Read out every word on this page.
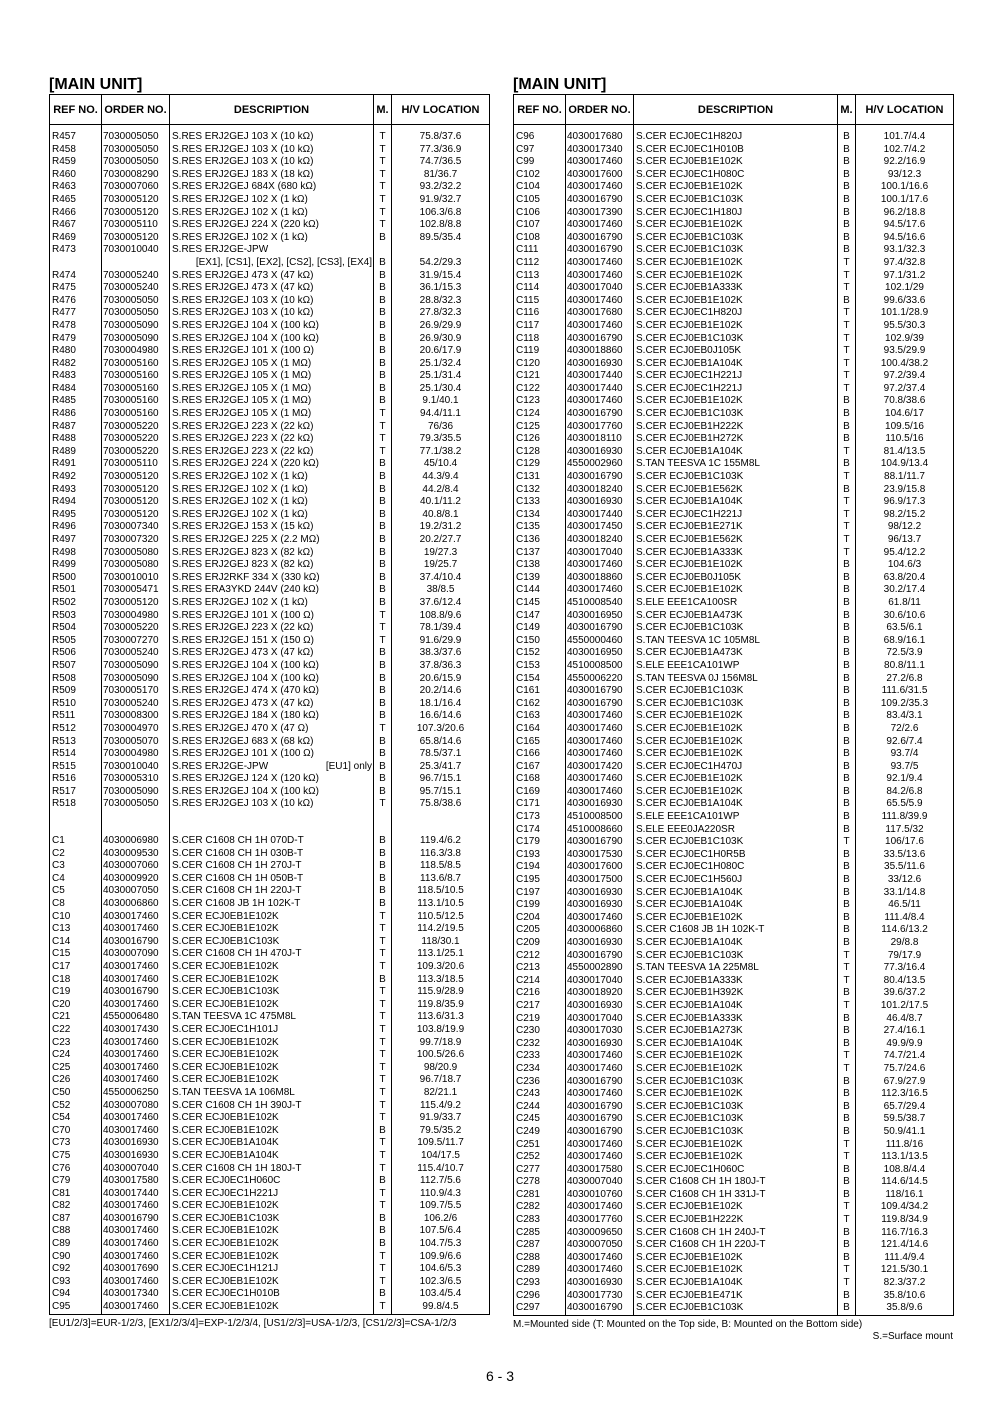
[MAIN UNIT]
REF NO.	ORDER NO.	DESCRIPTION	M.	H/V LOCATION
R457	7030005050	S.RES ERJ2GEJ 103 X (10 kΩ)	T	75.8/37.6
R458	7030005050	S.RES ERJ2GEJ 103 X (10 kΩ)	T	77.3/36.9
R459	7030005050	S.RES ERJ2GEJ 103 X (10 kΩ)	T	74.7/36.5
R460	7030008290	S.RES ERJ2GEJ 183 X (18 kΩ)	T	81/36.7
R463	7030007060	S.RES ERJ2GEJ 684X (680 kΩ)	T	93.2/32.2
R465	7030005120	S.RES ERJ2GEJ 102 X (1 kΩ)	T	91.9/32.7
R466	7030005120	S.RES ERJ2GEJ 102 X (1 kΩ)	T	106.3/6.8
R467	7030005110	S.RES ERJ2GEJ 224 X (220 kΩ)	T	102.8/8.8
R469	7030005120	S.RES ERJ2GEJ 102 X (1 kΩ)	B	89.5/35.4
R473	7030010040	S.RES ERJ2GE-JPW		
		[EX1], [CS1], [EX2], [CS2], [CS3], [EX4]	B	54.2/29.3
R474	7030005240	S.RES ERJ2GEJ 473 X (47 kΩ)	B	31.9/15.4
R475	7030005240	S.RES ERJ2GEJ 473 X (47 kΩ)	B	36.1/15.3
R476	7030005050	S.RES ERJ2GEJ 103 X (10 kΩ)	B	28.8/32.3
R477	7030005050	S.RES ERJ2GEJ 103 X (10 kΩ)	B	27.8/32.3
R478	7030005090	S.RES ERJ2GEJ 104 X (100 kΩ)	B	26.9/29.9
R479	7030005090	S.RES ERJ2GEJ 104 X (100 kΩ)	B	26.9/30.9
R480	7030004980	S.RES ERJ2GEJ 101 X (100 Ω)	B	20.6/17.9
R482	7030005160	S.RES ERJ2GEJ 105 X (1 MΩ)	B	25.1/32.4
R483	7030005160	S.RES ERJ2GEJ 105 X (1 MΩ)	B	25.1/31.4
R484	7030005160	S.RES ERJ2GEJ 105 X (1 MΩ)	B	25.1/30.4
R485	7030005160	S.RES ERJ2GEJ 105 X (1 MΩ)	B	9.1/40.1
R486	7030005160	S.RES ERJ2GEJ 105 X (1 MΩ)	T	94.4/11.1
R487	7030005220	S.RES ERJ2GEJ 223 X (22 kΩ)	T	76/36
R488	7030005220	S.RES ERJ2GEJ 223 X (22 kΩ)	T	79.3/35.5
R489	7030005220	S.RES ERJ2GEJ 223 X (22 kΩ)	T	77.1/38.2
R491	7030005110	S.RES ERJ2GEJ 224 X (220 kΩ)	B	45/10.4
R492	7030005120	S.RES ERJ2GEJ 102 X (1 kΩ)	B	44.3/9.4
R493	7030005120	S.RES ERJ2GEJ 102 X (1 kΩ)	B	44.2/8.4
R494	7030005120	S.RES ERJ2GEJ 102 X (1 kΩ)	B	40.1/11.2
R495	7030005120	S.RES ERJ2GEJ 102 X (1 kΩ)	B	40.8/8.1
R496	7030007340	S.RES ERJ2GEJ 153 X (15 kΩ)	B	19.2/31.2
R497	7030007320	S.RES ERJ2GEJ 225 X (2.2 MΩ)	B	20.2/27.7
R498	7030005080	S.RES ERJ2GEJ 823 X (82 kΩ)	B	19/27.3
R499	7030005080	S.RES ERJ2GEJ 823 X (82 kΩ)	B	19/25.7
R500	7030010010	S.RES ERJ2RKF 334 X (330 kΩ)	B	37.4/10.4
R501	7030005471	S.RES ERA3YKD 244V (240 kΩ)	B	38/8.5
R502	7030005120	S.RES ERJ2GEJ 102 X (1 kΩ)	B	37.6/12.4
R503	7030004980	S.RES ERJ2GEJ 101 X (100 Ω)	T	108.8/9.6
R504	7030005220	S.RES ERJ2GEJ 223 X (22 kΩ)	T	78.1/39.4
R505	7030007270	S.RES ERJ2GEJ 151 X (150 Ω)	T	91.6/29.9
R506	7030005240	S.RES ERJ2GEJ 473 X (47 kΩ)	B	38.3/37.6
R507	7030005090	S.RES ERJ2GEJ 104 X (100 kΩ)	B	37.8/36.3
R508	7030005090	S.RES ERJ2GEJ 104 X (100 kΩ)	B	20.6/15.9
R509	7030005170	S.RES ERJ2GEJ 474 X (470 kΩ)	B	20.2/14.6
R510	7030005240	S.RES ERJ2GEJ 473 X (47 kΩ)	B	18.1/16.4
R511	7030008300	S.RES ERJ2GEJ 184 X (180 kΩ)	B	16.6/14.6
R512	7030004970	S.RES ERJ2GEJ 470 X (47 Ω)	T	107.3/20.6
R513	7030005070	S.RES ERJ2GEJ 683 X (68 kΩ)	B	65.8/14.6
R514	7030004980	S.RES ERJ2GEJ 101 X (100 Ω)	B	78.5/37.1
R515	7030010040	S.RES ERJ2GE-JPW [EU1] only	B	25.3/41.7
R516	7030005310	S.RES ERJ2GEJ 124 X (120 kΩ)	B	96.7/15.1
R517	7030005090	S.RES ERJ2GEJ 104 X (100 kΩ)	B	95.7/15.1
R518	7030005050	S.RES ERJ2GEJ 103 X (10 kΩ)	T	75.8/38.6

C1	4030006980	S.CER C1608 CH 1H 070D-T	B	119.4/6.2
C2	4030009530	S.CER C1608 CH 1H 030B-T	B	116.3/3.8
C3	4030007060	S.CER C1608 CH 1H 270J-T	B	118.5/8.5
C4	4030009920	S.CER C1608 CH 1H 050B-T	B	113.6/8.7
C5	4030007050	S.CER C1608 CH 1H 220J-T	B	118.5/10.5
C8	4030006860	S.CER C1608 JB 1H 102K-T	B	113.1/10.5
C10	4030017460	S.CER ECJ0EB1E102K	T	110.5/12.5
C13	4030017460	S.CER ECJ0EB1E102K	T	114.2/19.5
C14	4030016790	S.CER ECJ0EB1C103K	T	118/30.1
C15	4030007090	S.CER C1608 CH 1H 470J-T	T	113.1/25.1
C17	4030017460	S.CER ECJ0EB1E102K	T	109.3/20.6
C18	4030017460	S.CER ECJ0EB1E102K	B	113.3/18.5
C19	4030016790	S.CER ECJ0EB1C103K	T	115.9/28.9
C20	4030017460	S.CER ECJ0EB1E102K	T	119.8/35.9
C21	4550006480	S.TAN TEESVA 1C 475M8L	T	113.6/31.3
C22	4030017430	S.CER ECJ0EC1H101J	T	103.8/19.9
C23	4030017460	S.CER ECJ0EB1E102K	T	99.7/18.9
C24	4030017460	S.CER ECJ0EB1E102K	T	100.5/26.6
C25	4030017460	S.CER ECJ0EB1E102K	T	98/20.9
C26	4030017460	S.CER ECJ0EB1E102K	T	96.7/18.7
C50	4550006250	S.TAN TEESVA 1A 106M8L	T	82/21.1
C52	4030007080	S.CER C1608 CH 1H 390J-T	T	115.4/9.2
C54	4030017460	S.CER ECJ0EB1E102K	T	91.9/33.7
C70	4030017460	S.CER ECJ0EB1E102K	B	79.5/35.2
C73	4030016930	S.CER ECJ0EB1A104K	T	109.5/11.7
C75	4030016930	S.CER ECJ0EB1A104K	T	104/17.5
C76	4030007040	S.CER C1608 CH 1H 180J-T	T	115.4/10.7
C79	4030017580	S.CER ECJ0EC1H060C	B	112.7/5.6
C81	4030017440	S.CER ECJ0EC1H221J	T	110.9/4.3
C82	4030017460	S.CER ECJ0EB1E102K	T	109.7/5.5
C87	4030016790	S.CER ECJ0EB1C103K	B	106.2/6
C88	4030017460	S.CER ECJ0EB1E102K	B	107.5/6.4
C89	4030017460	S.CER ECJ0EB1E102K	B	104.7/5.3
C90	4030017460	S.CER ECJ0EB1E102K	T	109.9/6.6
C92	4030017690	S.CER ECJ0EC1H121J	T	104.6/5.3
C93	4030017460	S.CER ECJ0EB1E102K	T	102.3/6.5
C94	4030017340	S.CER ECJ0EC1H010B	B	103.4/5.4
C95	4030017460	S.CER ECJ0EB1E102K	T	99.8/4.5
[EU1/2/3]=EUR-1/2/3, [EX1/2/3/4]=EXP-1/2/3/4, [US1/2/3]=USA-1/2/3, [CS1/2/3]=CSA-1/2/3
[MAIN UNIT]
REF NO.	ORDER NO.	DESCRIPTION	M.	H/V LOCATION
C96	4030017680	S.CER ECJ0EC1H820J	B	101.7/4.4
C97	4030017340	S.CER ECJ0EC1H010B	B	102.7/4.2
C99	4030017460	S.CER ECJ0EB1E102K	B	92.2/16.9
C102	4030017600	S.CER ECJ0EC1H080C	B	93/12.3
C104	4030017460	S.CER ECJ0EB1E102K	B	100.1/16.6
C105	4030016790	S.CER ECJ0EB1C103K	B	100.1/17.6
C106	4030017390	S.CER ECJ0EC1H180J	B	96.2/18.8
C107	4030017460	S.CER ECJ0EB1E102K	B	94.5/17.6
C108	4030016790	S.CER ECJ0EB1C103K	B	94.5/16.6
C111	4030016790	S.CER ECJ0EB1C103K	B	93.1/32.3
C112	4030017460	S.CER ECJ0EB1E102K	T	97.4/32.8
C113	4030017460	S.CER ECJ0EB1E102K	T	97.1/31.2
C114	4030017040	S.CER ECJ0EB1A333K	T	102.1/29
C115	4030017460	S.CER ECJ0EB1E102K	B	99.6/33.6
C116	4030017680	S.CER ECJ0EC1H820J	T	101.1/28.9
C117	4030017460	S.CER ECJ0EB1E102K	T	95.5/30.3
C118	4030016790	S.CER ECJ0EB1C103K	T	102.9/39
C119	4030018860	S.CER ECJ0EB0J105K	T	93.5/29.9
C120	4030016930	S.CER ECJ0EB1A104K	T	100.4/38.2
C121	4030017440	S.CER ECJ0EC1H221J	T	97.2/39.4
C122	4030017440	S.CER ECJ0EC1H221J	T	97.2/37.4
C123	4030017460	S.CER ECJ0EB1E102K	B	70.8/38.6
C124	4030016790	S.CER ECJ0EB1C103K	B	104.6/17
C125	4030017760	S.CER ECJ0EB1H222K	B	109.5/16
C126	4030018110	S.CER ECJ0EB1H272K	B	110.5/16
C128	4030016930	S.CER ECJ0EB1A104K	T	81.4/13.5
C129	4550002960	S.TAN TEESVA 1C 155M8L	B	104.9/13.4
C131	4030016790	S.CER ECJ0EB1C103K	T	88.1/11.7
C132	4030018240	S.CER ECJ0EB1E562K	B	23.9/15.8
C133	4030016930	S.CER ECJ0EB1A104K	T	96.9/17.3
C134	4030017440	S.CER ECJ0EC1H221J	T	98.2/15.2
C135	4030017450	S.CER ECJ0EB1E271K	T	98/12.2
C136	4030018240	S.CER ECJ0EB1E562K	T	96/13.7
C137	4030017040	S.CER ECJ0EB1A333K	T	95.4/12.2
C138	4030017460	S.CER ECJ0EB1E102K	B	104.6/3
C139	4030018860	S.CER ECJ0EB0J105K	B	63.8/20.4
C144	4030017460	S.CER ECJ0EB1E102K	B	30.2/17.4
C145	4510008540	S.ELE EEE1CA100SR	B	61.8/11
C147	4030016950	S.CER ECJ0EB1A473K	B	30.6/10.6
C149	4030016790	S.CER ECJ0EB1C103K	B	63.5/6.1
C150	4550000460	S.TAN TEESVA 1C 105M8L	B	68.9/16.1
C152	4030016950	S.CER ECJ0EB1A473K	B	72.5/3.9
C153	4510008500	S.ELE EEE1CA101WP	B	80.8/11.1
C154	4550006220	S.TAN TEESVA 0J 156M8L	B	27.2/6.8
C161	4030016790	S.CER ECJ0EB1C103K	B	111.6/31.5
C162	4030016790	S.CER ECJ0EB1C103K	B	109.2/35.3
C163	4030017460	S.CER ECJ0EB1E102K	B	83.4/3.1
C164	4030017460	S.CER ECJ0EB1E102K	B	72/2.6
C165	4030017460	S.CER ECJ0EB1E102K	B	92.6/7.4
C166	4030017460	S.CER ECJ0EB1E102K	B	93.7/4
C167	4030017420	S.CER ECJ0EC1H470J	B	93.7/5
C168	4030017460	S.CER ECJ0EB1E102K	B	92.1/9.4
C169	4030017460	S.CER ECJ0EB1E102K	B	84.2/6.8
C171	4030016930	S.CER ECJ0EB1A104K	B	65.5/5.9
C173	4510008500	S.ELE EEE1CA101WP	B	111.8/39.9
C174	4510008660	S.ELE EEE0JA220SR	B	117.5/32
C179	4030016790	S.CER ECJ0EB1C103K	T	106/17.6
C193	4030017530	S.CER ECJ0EC1H0R5B	B	33.5/13.6
C194	4030017600	S.CER ECJ0EC1H080C	B	35.5/11.6
C195	4030017500	S.CER ECJ0EC1H560J	B	33/12.6
C197	4030016930	S.CER ECJ0EB1A104K	B	33.1/14.8
C199	4030016930	S.CER ECJ0EB1A104K	B	46.5/11
C204	4030017460	S.CER ECJ0EB1E102K	B	111.4/8.4
C205	4030006860	S.CER C1608 JB 1H 102K-T	B	114.6/13.2
C209	4030016930	S.CER ECJ0EB1A104K	B	29/8.8
C212	4030016790	S.CER ECJ0EB1C103K	T	79/17.9
C213	4550002890	S.TAN TEESVA 1A 225M8L	T	77.3/16.4
C214	4030017040	S.CER ECJ0EB1A333K	T	80.4/13.5
C216	4030018920	S.CER ECJ0EB1H392K	B	39.6/37.2
C217	4030016930	S.CER ECJ0EB1A104K	T	101.2/17.5
C219	4030017040	S.CER ECJ0EB1A333K	B	46.4/8.7
C230	4030017030	S.CER ECJ0EB1A273K	B	27.4/16.1
C232	4030016930	S.CER ECJ0EB1A104K	B	49.9/9.9
C233	4030017460	S.CER ECJ0EB1E102K	T	74.7/21.4
C234	4030017460	S.CER ECJ0EB1E102K	T	75.7/24.6
C236	4030016790	S.CER ECJ0EB1C103K	B	67.9/27.9
C243	4030017460	S.CER ECJ0EB1E102K	B	112.3/16.5
C244	4030016790	S.CER ECJ0EB1C103K	B	65.7/29.4
C245	4030016790	S.CER ECJ0EB1C103K	B	59.5/38.7
C249	4030016790	S.CER ECJ0EB1C103K	B	50.9/41.1
C251	4030017460	S.CER ECJ0EB1E102K	T	111.8/16
C252	4030017460	S.CER ECJ0EB1E102K	T	113.1/13.5
C277	4030017580	S.CER ECJ0EC1H060C	B	108.8/4.4
C278	4030007040	S.CER C1608 CH 1H 180J-T	B	114.6/14.5
C281	4030010760	S.CER C1608 CH 1H 331J-T	B	118/16.1
C282	4030017460	S.CER ECJ0EB1E102K	T	109.4/34.2
C283	4030017760	S.CER ECJ0EB1H222K	T	119.8/34.9
C285	4030009650	S.CER C1608 CH 1H 240J-T	B	116.7/16.3
C287	4030007050	S.CER C1608 CH 1H 220J-T	B	121.4/14.6
C288	4030017460	S.CER ECJ0EB1E102K	B	111.4/9.4
C289	4030017460	S.CER ECJ0EB1E102K	T	121.5/30.1
C293	4030016930	S.CER ECJ0EB1A104K	T	82.3/37.2
C296	4030017730	S.CER ECJ0EB1E471K	B	35.8/10.6
C297	4030016790	S.CER ECJ0EB1C103K	B	35.8/9.6
M.=Mounted side (T: Mounted on the Top side, B: Mounted on the Bottom side)
S.=Surface mount
6 - 3
